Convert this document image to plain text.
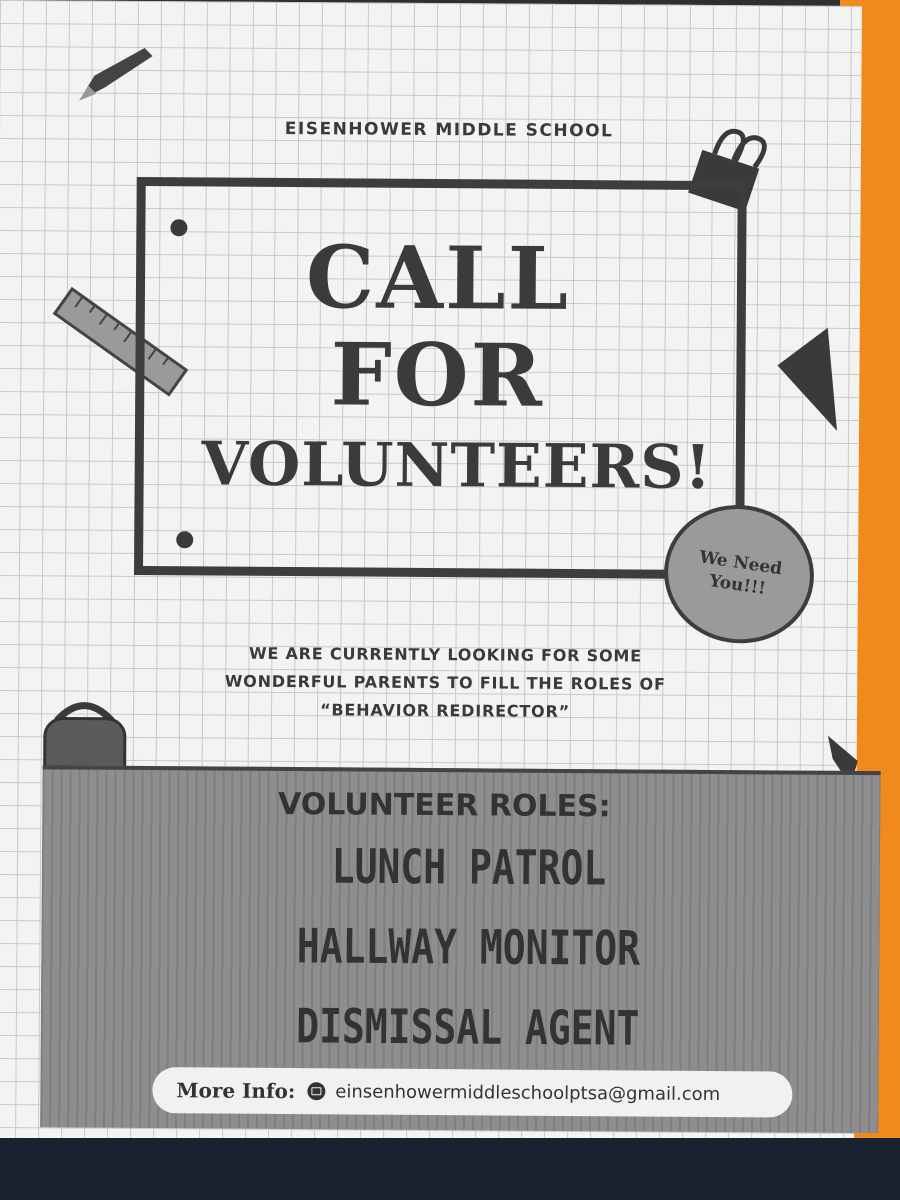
EISENHOWER MIDDLE SCHOOL
CALL
FOR
VOLUNTEERS!
We Need You!!!
WE ARE CURRENTLY LOOKING FOR SOME
WONDERFUL PARENTS TO FILL THE ROLES OF
“BEHAVIOR REDIRECTOR”
VOLUNTEER ROLES:
LUNCH PATROL
HALLWAY MONITOR
DISMISSAL AGENT
More Info: einsenhowermiddleschoolptsa@gmail.com
